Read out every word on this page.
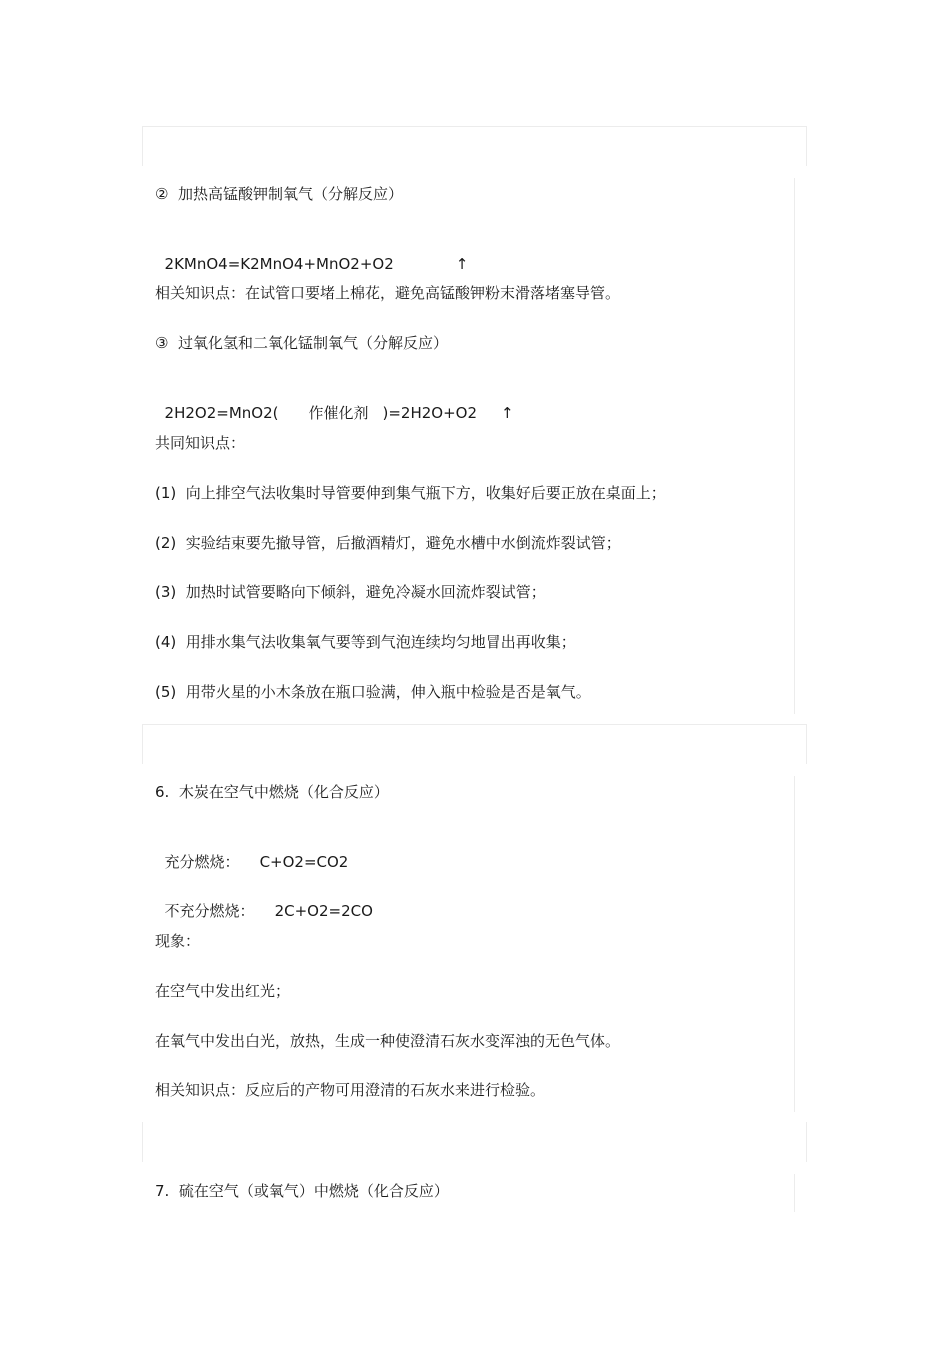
②  加热高锰酸钾制氧气（分解反应）

2KMnO4=K2MnO4+MnO2+O2	↑

相关知识点：在试管口要堵上棉花，避免高锰酸钾粉末滑落堵塞导管。
③  过氧化氢和二氧化锰制氧气（分解反应）

2H2O2=MnO2( 作催化剂 )=2H2O+O2 ↑

共同知识点：
(1)  向上排空气法收集时导管要伸到集气瓶下方，收集好后要正放在桌面上；
(2)  实验结束要先撤导管，后撤酒精灯，避免水槽中水倒流炸裂试管；
(3)  加热时试管要略向下倾斜，避免冷凝水回流炸裂试管；
(4)  用排水集气法收集氧气要等到气泡连续均匀地冒出再收集；
(5)  用带火星的小木条放在瓶口验满，伸入瓶中检验是否是氧气。
6.  木炭在空气中燃烧（化合反应）

充分燃烧： C+O2=CO2

不充分燃烧： 2C+O2=2CO

现象：
在空气中发出红光；
在氧气中发出白光，放热，生成一种使澄清石灰水变浑浊的无色气体。
相关知识点：反应后的产物可用澄清的石灰水来进行检验。
7.  硫在空气（或氧气）中燃烧（化合反应）
